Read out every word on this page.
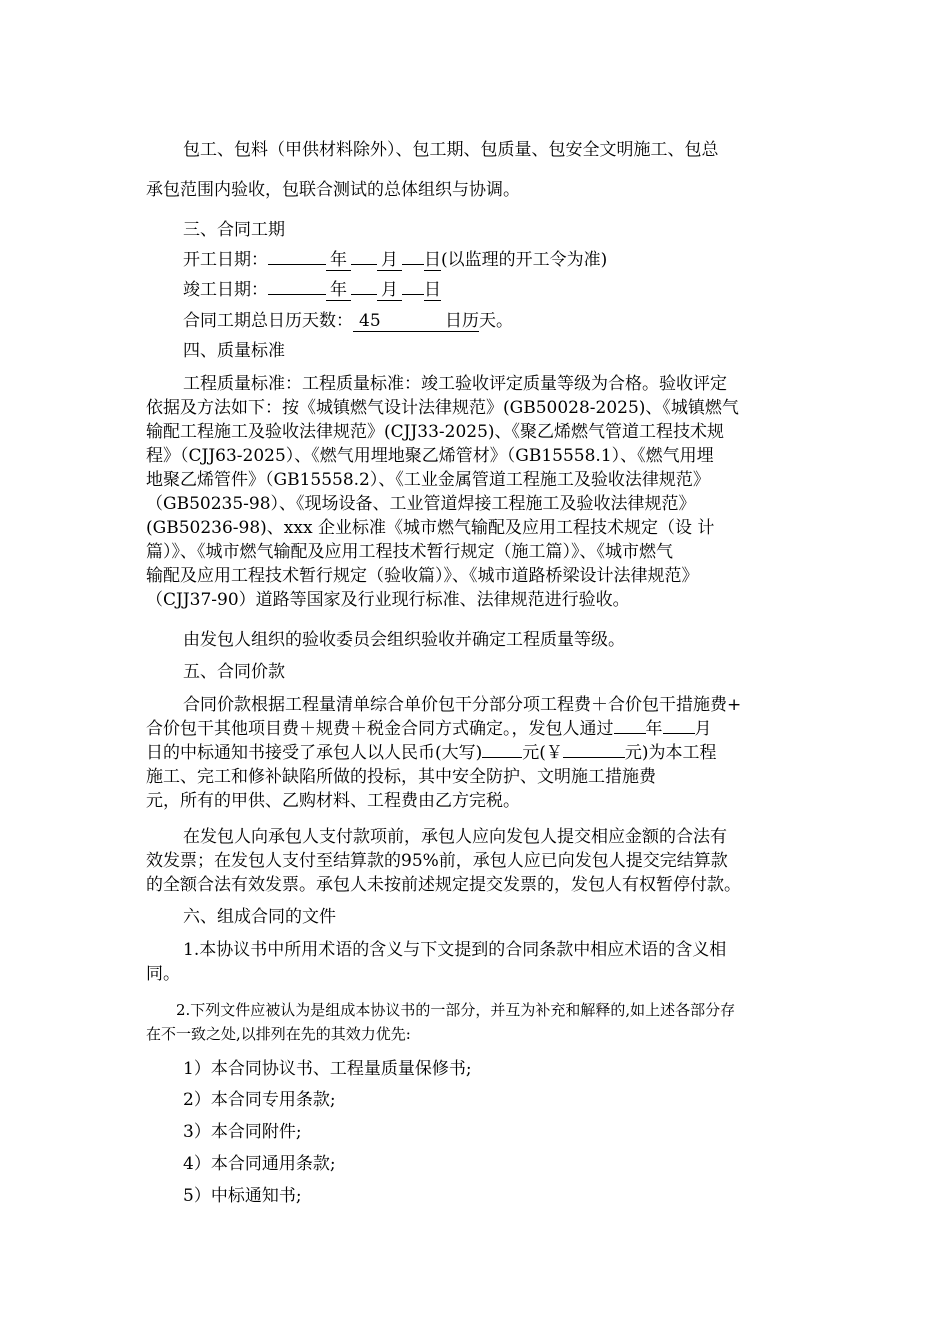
包工、包料（甲供材料除外）、包工期、包质量、包安全文明施工、包总

承包范围内验收，包联合测试的总体组织与协调。

三、合同工期

开工日期：	年 月 日(以监理的开工令为准)

竣工日期：	年 月 日

合同工期总日历天数： 45	日历天。

四、质量标准

工程质量标准：工程质量标准：竣工验收评定质量等级为合格。验收评定

依据及方法如下：按《城镇燃气设计法律规范》(GB50028-2025)、《城镇燃气

输配工程施工及验收法律规范》(CJJ33-2025)、《聚乙烯燃气管道工程技术规

程》（CJJ63-2025）、《燃气用埋地聚乙烯管材》（GB15558.1）、《燃气用埋

地聚乙烯管件》（GB15558.2）、《工业金属管道工程施工及验收法律规范》

（GB50235-98）、《现场设备、工业管道焊接工程施工及验收法律规范》

(GB50236-98)、xxx 企业标准《城市燃气输配及应用工程技术规定（设 计

篇）》、《城市燃气输配及应用工程技术暂行规定（施工篇）》、《城市燃气

输配及应用工程技术暂行规定（验收篇）》、《城市道路桥梁设计法律规范》

（CJJ37-90）道路等国家及行业现行标准、法律规范进行验收。

由发包人组织的验收委员会组织验收并确定工程质量等级。

五、合同价款

合同价款根据工程量清单综合单价包干分部分项工程费＋合价包干措施费+

合价包干其他项目费＋规费＋税金合同方式确定。，发包人通过 年 月

日的中标通知书接受了承包人以人民币(大写) 元(￥	元)为本工程

施工、完工和修补缺陷所做的投标，其中安全防护、文明施工措施费

元，所有的甲供、乙购材料、工程费由乙方完税。

在发包人向承包人支付款项前，承包人应向发包人提交相应金额的合法有

效发票；在发包人支付至结算款的95%前，承包人应已向发包人提交完结算款

的全额合法有效发票。承包人未按前述规定提交发票的，发包人有权暂停付款。

六、组成合同的文件

1.本协议书中所用术语的含义与下文提到的合同条款中相应术语的含义相

同。

2.下列文件应被认为是组成本协议书的一部分，并互为补充和解释的,如上述各部分存

在不一致之处,以排列在先的其效力优先:

1）本合同协议书、工程量质量保修书;

2）本合同专用条款;

3）本合同附件;

4）本合同通用条款;

5）中标通知书;
